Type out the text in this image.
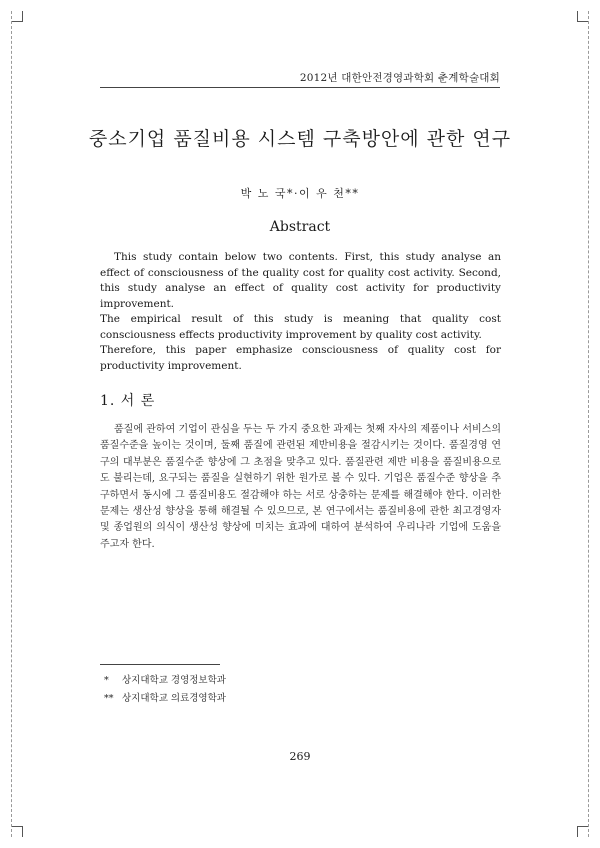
2012년 대한안전경영과학회 춘계학술대회
중소기업 품질비용 시스템 구축방안에 관한 연구
박 노 국*·이 우 천**
Abstract

This study contain below two contents. First, this study analyse an effect of consciousness of the quality cost for quality cost activity. Second, this study analyse an effect of quality cost activity for productivity improvement.

The empirical result of this study is meaning that quality cost consciousness effects productivity improvement by quality cost activity.

Therefore, this paper emphasize consciousness of quality cost for productivity improvement.

1. 서 론
품질에 관하여 기업이 관심을 두는 두 가지 중요한 과제는 첫째 자사의 제품이나 서비스의 품질수준을 높이는 것이며, 둘째 품질에 관련된 제반비용을 절감시키는 것이다. 품질경영 연구의 대부분은 품질수준 향상에 그 초점을 맞추고 있다. 품질관련 제반 비용을 품질비용으로도 불리는데, 요구되는 품질을 실현하기 위한 원가로 볼 수 있다. 기업은 품질수준 향상을 추구하면서 동시에 그 품질비용도 절감해야 하는 서로 상충하는 문제를 해결해야 한다. 이러한 문제는 생산성 향상을 통해 해결될 수 있으므로, 본 연구에서는 품질비용에 관한 최고경영자 및 종업원의 의식이 생산성 향상에 미치는 효과에 대하여 분석하여 우리나라 기업에 도움을 주고자 한다.
* 상지대학교 경영정보학과
** 상지대학교 의료경영학과
269
